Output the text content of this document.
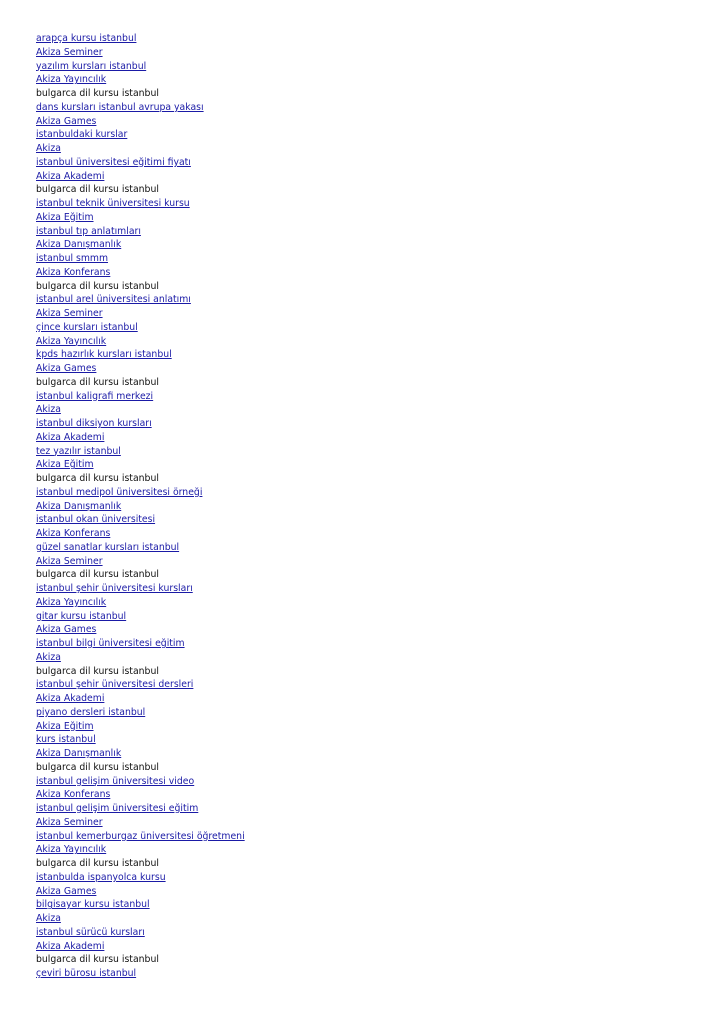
arapça kursu istanbul
Akiza Seminer
yazılım kursları istanbul
Akiza Yayıncılık
bulgarca dil kursu istanbul
dans kursları istanbul avrupa yakası
Akiza Games
istanbuldaki kurslar
Akiza
istanbul üniversitesi eğitimi fiyatı
Akiza Akademi
bulgarca dil kursu istanbul
istanbul teknik üniversitesi kursu
Akiza Eğitim
istanbul tıp anlatımları
Akiza Danışmanlık
istanbul smmm
Akiza Konferans
bulgarca dil kursu istanbul
istanbul arel üniversitesi anlatımı
Akiza Seminer
çince kursları istanbul
Akiza Yayıncılık
kpds hazırlık kursları istanbul
Akiza Games
bulgarca dil kursu istanbul
istanbul kaligrafi merkezi
Akiza
istanbul diksiyon kursları
Akiza Akademi
tez yazılır istanbul
Akiza Eğitim
bulgarca dil kursu istanbul
istanbul medipol üniversitesi örneği
Akiza Danışmanlık
istanbul okan üniversitesi
Akiza Konferans
güzel sanatlar kursları istanbul
Akiza Seminer
bulgarca dil kursu istanbul
istanbul şehir üniversitesi kursları
Akiza Yayıncılık
gitar kursu istanbul
Akiza Games
istanbul bilgi üniversitesi eğitim
Akiza
bulgarca dil kursu istanbul
istanbul şehir üniversitesi dersleri
Akiza Akademi
piyano dersleri istanbul
Akiza Eğitim
kurs istanbul
Akiza Danışmanlık
bulgarca dil kursu istanbul
istanbul gelişim üniversitesi video
Akiza Konferans
istanbul gelişim üniversitesi eğitim
Akiza Seminer
istanbul kemerburgaz üniversitesi öğretmeni
Akiza Yayıncılık
bulgarca dil kursu istanbul
istanbulda ispanyolca kursu
Akiza Games
bilgisayar kursu istanbul
Akiza
istanbul sürücü kursları
Akiza Akademi
bulgarca dil kursu istanbul
çeviri bürosu istanbul
